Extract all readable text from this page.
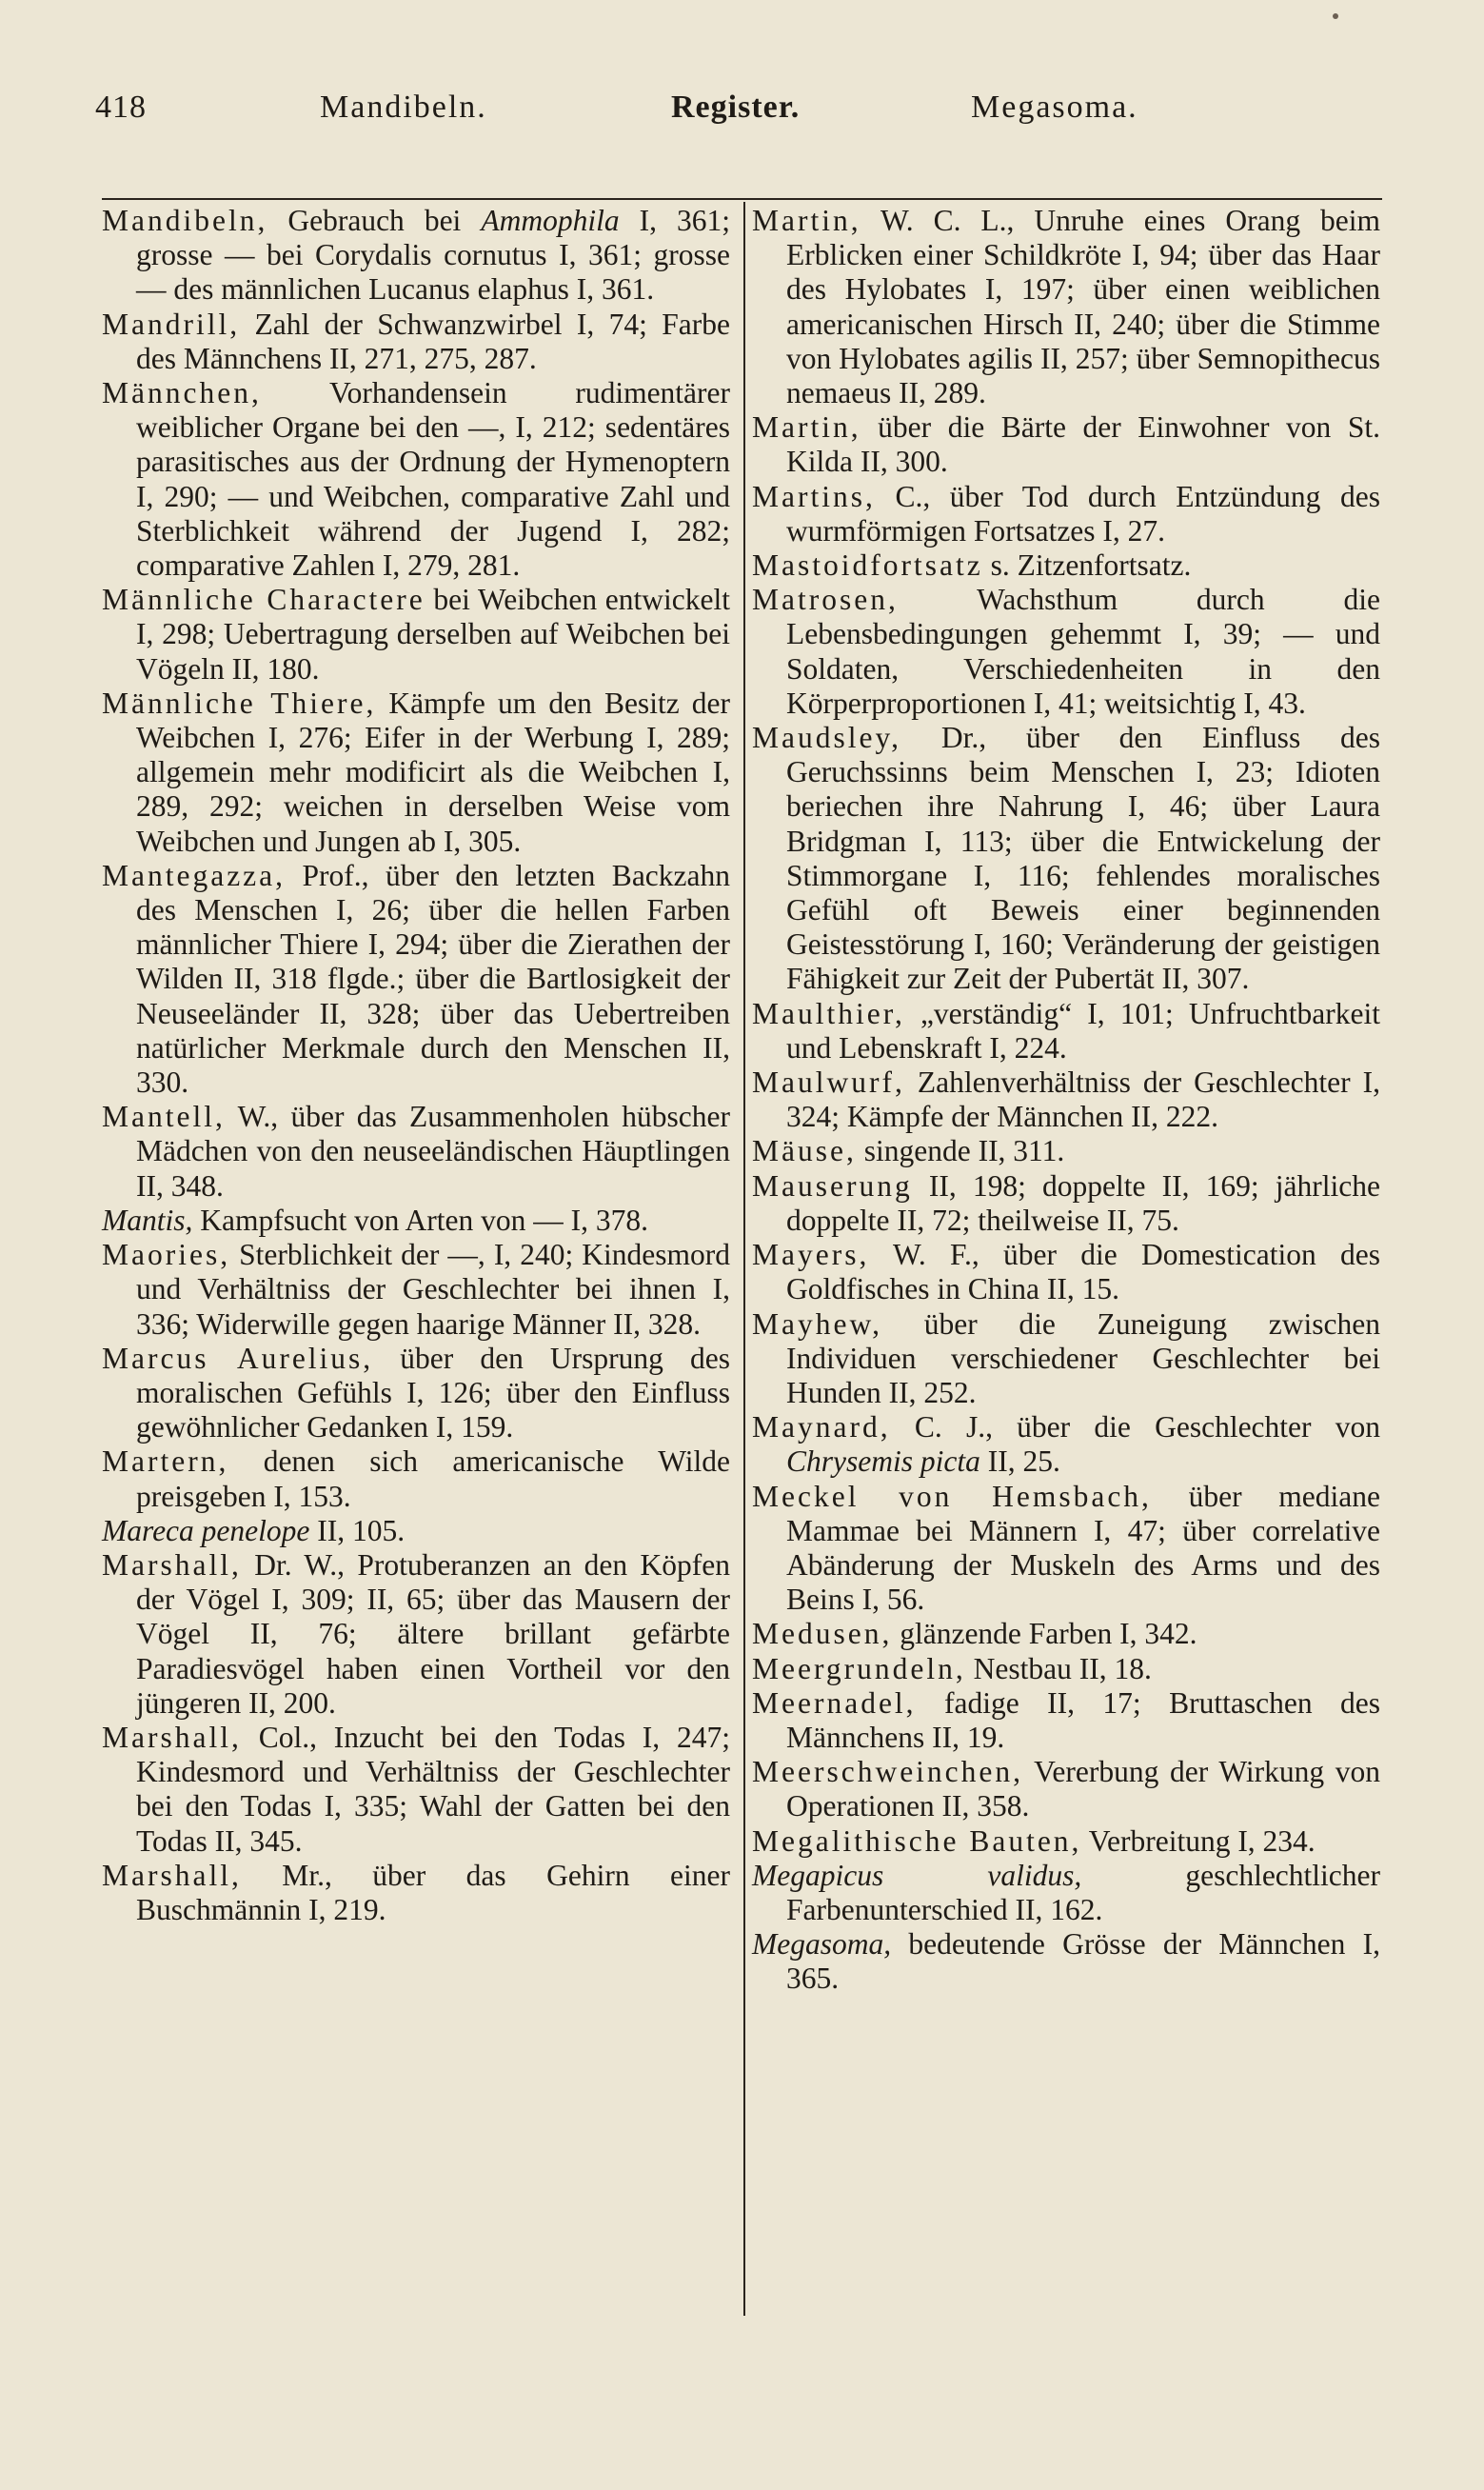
418	Mandibeln.	Register.	Megasoma.

Mandibeln, Gebrauch bei Ammophila I, 361; grosse — bei Corydalis cornutus I, 361; grosse — des männlichen Lucanus elaphus I, 361.

Mandrill, Zahl der Schwanzwirbel I, 74; Farbe des Männchens II, 271, 275, 287.

Männchen, Vorhandensein rudimentärer weiblicher Organe bei den —, I, 212; sedentäres parasitisches aus der Ordnung der Hymenoptern I, 290; — und Weibchen, comparative Zahl und Sterblichkeit während der Jugend I, 282; comparative Zahlen I, 279, 281.

Männliche Charactere bei Weibchen entwickelt I, 298; Uebertragung derselben auf Weibchen bei Vögeln II, 180.

Männliche Thiere, Kämpfe um den Besitz der Weibchen I, 276; Eifer in der Werbung I, 289; allgemein mehr modificirt als die Weibchen I, 289, 292; weichen in derselben Weise vom Weibchen und Jungen ab I, 305.

Mantegazza, Prof., über den letzten Backzahn des Menschen I, 26; über die hellen Farben männlicher Thiere I, 294; über die Zierathen der Wilden II, 318 flgde.; über die Bartlosigkeit der Neuseeländer II, 328; über das Uebertreiben natürlicher Merkmale durch den Menschen II, 330.

Mantell, W., über das Zusammenholen hübscher Mädchen von den neuseeländischen Häuptlingen II, 348.

Mantis, Kampfsucht von Arten von — I, 378.

Maories, Sterblichkeit der —, I, 240; Kindesmord und Verhältniss der Geschlechter bei ihnen I, 336; Widerwille gegen haarige Männer II, 328.

Marcus Aurelius, über den Ursprung des moralischen Gefühls I, 126; über den Einfluss gewöhnlicher Gedanken I, 159.

Martern, denen sich americanische Wilde preisgeben I, 153.

Mareca penelope II, 105.

Marshall, Dr. W., Protuberanzen an den Köpfen der Vögel I, 309; II, 65; über das Mausern der Vögel II, 76; ältere brillant gefärbte Paradiesvögel haben einen Vortheil vor den jüngeren II, 200.

Marshall, Col., Inzucht bei den Todas I, 247; Kindesmord und Verhältniss der Geschlechter bei den Todas I, 335; Wahl der Gatten bei den Todas II, 345.

Marshall, Mr., über das Gehirn einer Buschmännin I, 219.

Martin, W. C. L., Unruhe eines Orang beim Erblicken einer Schildkröte I, 94; über das Haar des Hylobates I, 197; über einen weiblichen americanischen Hirsch II, 240; über die Stimme von Hylobates agilis II, 257; über Semnopithecus nemaeus II, 289.

Martin, über die Bärte der Einwohner von St. Kilda II, 300.

Martins, C., über Tod durch Entzündung des wurmförmigen Fortsatzes I, 27.

Mastoidfortsatz s. Zitzenfortsatz.

Matrosen, Wachsthum durch die Lebensbedingungen gehemmt I, 39; — und Soldaten, Verschiedenheiten in den Körperproportionen I, 41; weitsichtig I, 43.

Maudsley, Dr., über den Einfluss des Geruchssinns beim Menschen I, 23; Idioten beriechen ihre Nahrung I, 46; über Laura Bridgman I, 113; über die Entwickelung der Stimmorgane I, 116; fehlendes moralisches Gefühl oft Beweis einer beginnenden Geistesstörung I, 160; Veränderung der geistigen Fähigkeit zur Zeit der Pubertät II, 307.

Maulthier, „verständig“ I, 101; Unfruchtbarkeit und Lebenskraft I, 224.

Maulwurf, Zahlenverhältniss der Geschlechter I, 324; Kämpfe der Männchen II, 222.

Mäuse, singende II, 311.

Mauserung II, 198; doppelte II, 169; jährliche doppelte II, 72; theilweise II, 75.

Mayers, W. F., über die Domestication des Goldfisches in China II, 15.

Mayhew, über die Zuneigung zwischen Individuen verschiedener Geschlechter bei Hunden II, 252.

Maynard, C. J., über die Geschlechter von Chrysemis picta II, 25.

Meckel von Hemsbach, über mediane Mammae bei Männern I, 47; über correlative Abänderung der Muskeln des Arms und des Beins I, 56.

Medusen, glänzende Farben I, 342.

Meergrundeln, Nestbau II, 18.

Meernadel, fadige II, 17; Bruttaschen des Männchens II, 19.

Meerschweinchen, Vererbung der Wirkung von Operationen II, 358.

Megalithische Bauten, Verbreitung I, 234.

Megapicus validus, geschlechtlicher Farbenunterschied II, 162.

Megasoma, bedeutende Grösse der Männchen I, 365.
